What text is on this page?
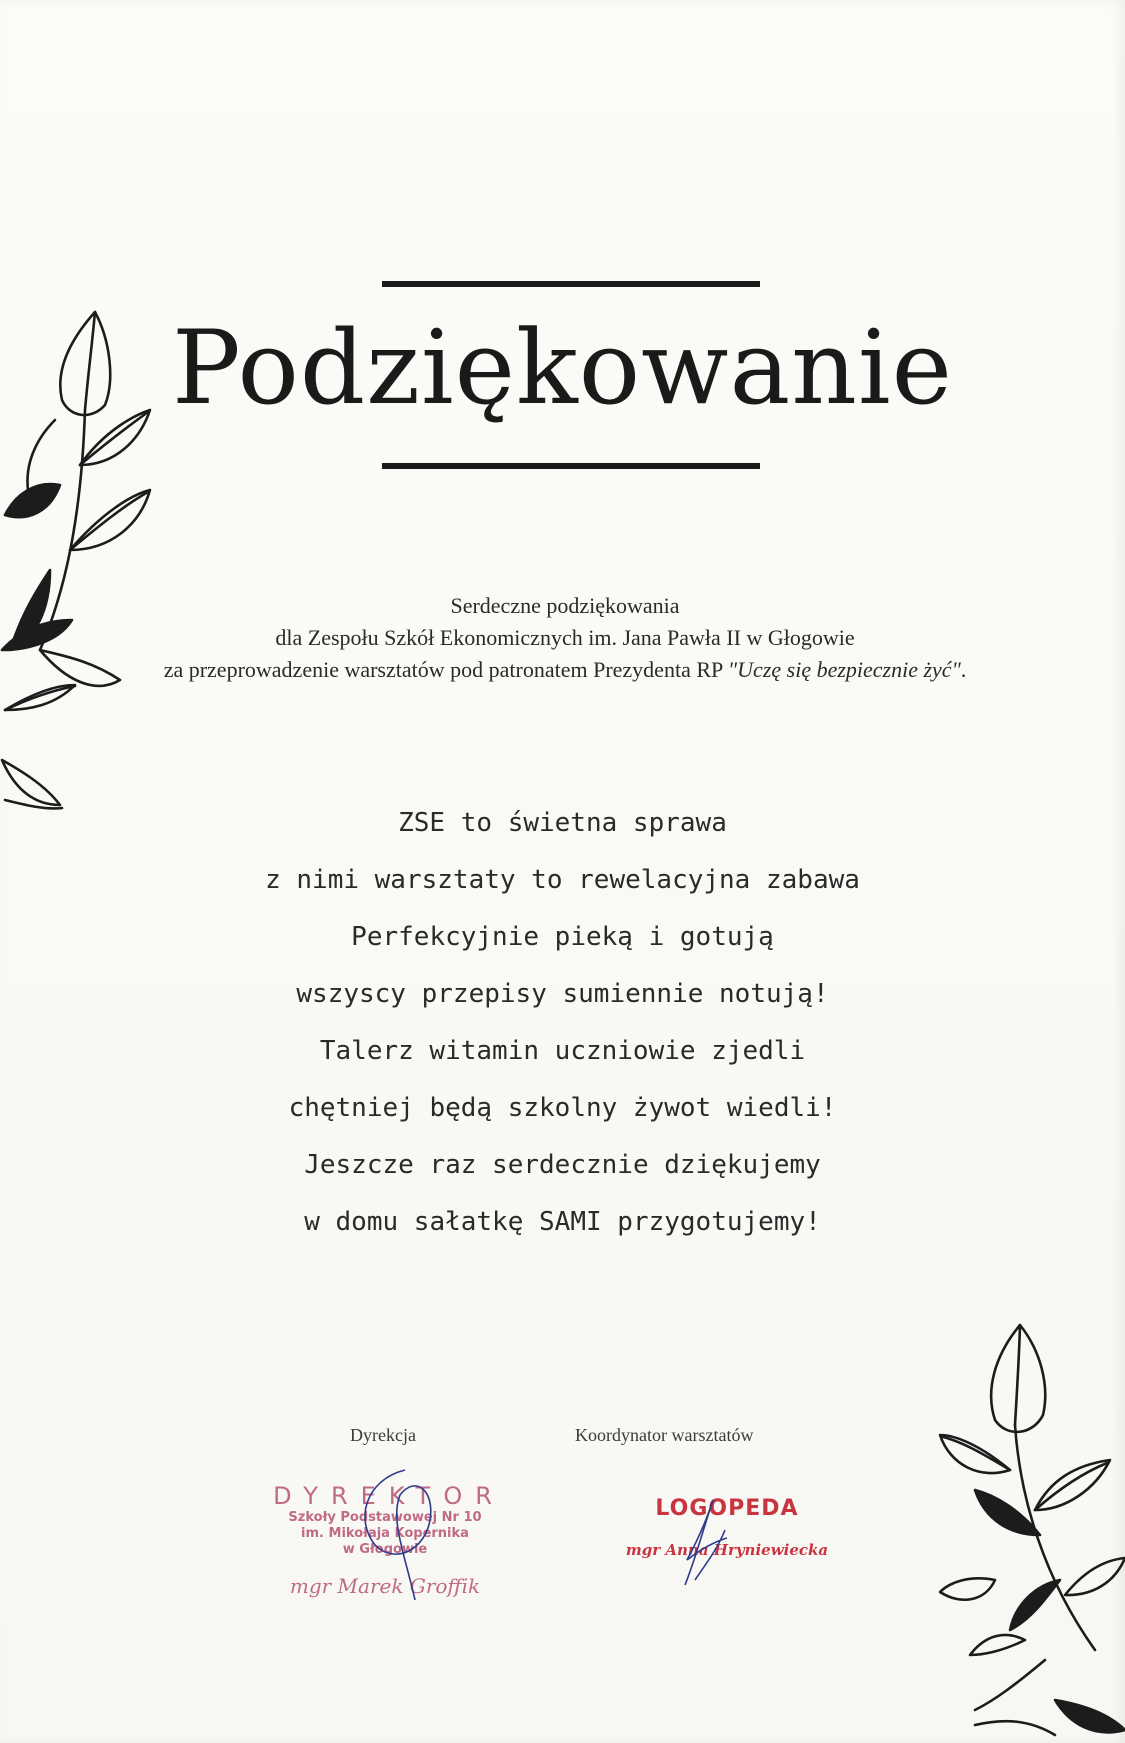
Podziękowanie
Serdeczne podziękowania
dla Zespołu Szkół Ekonomicznych im. Jana Pawła II w Głogowie
za przeprowadzenie warsztatów pod patronatem Prezydenta RP "Uczę się bezpiecznie żyć".
ZSE to świetna sprawa
z nimi warsztaty to rewelacyjna zabawa
Perfekcyjnie pieką i gotują
wszyscy przepisy sumiennie notują!
Talerz witamin uczniowie zjedli
chętniej będą szkolny żywot wiedli!
Jeszcze raz serdecznie dziękujemy
w domu sałatkę SAMI przygotujemy!
Dyrekcja	Koordynator warsztatów
DYREKTOR
Szkoły Podstawowej Nr 10
im. Mikołaja Kopernika
w Głogowie
mgr Marek Groffik
LOGOPEDA
mgr Anna Hryniewiecka
